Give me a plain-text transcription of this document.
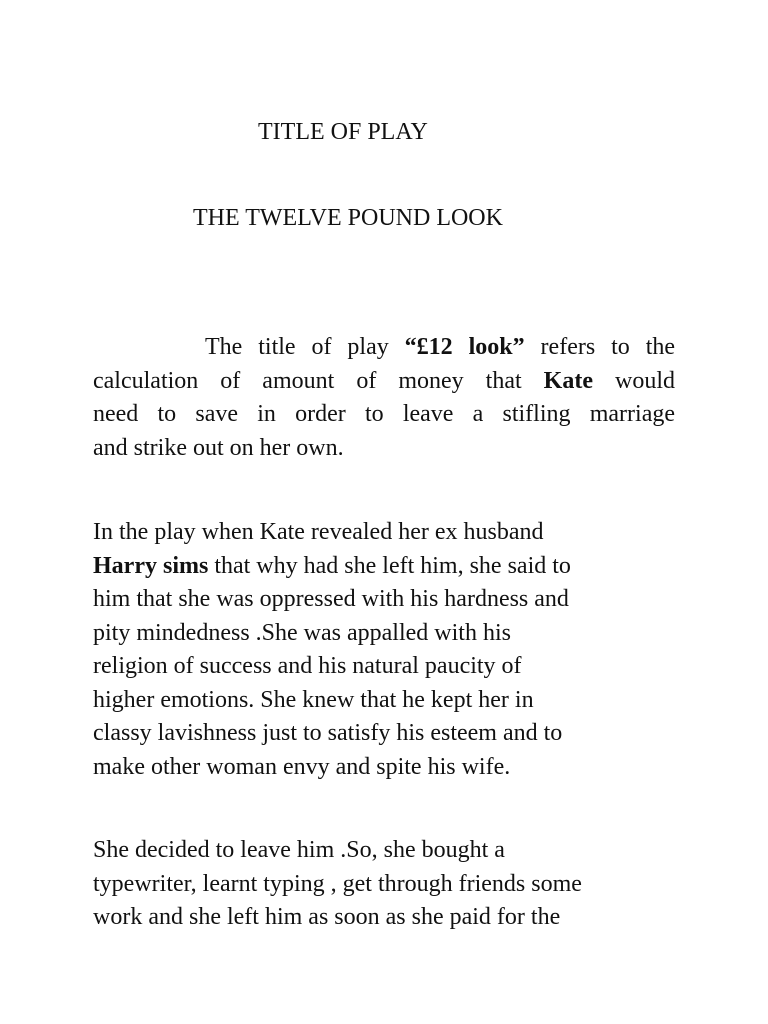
TITLE OF PLAY
THE TWELVE POUND LOOK
The title of play “£12 look” refers to the
calculation of amount of money that Kate would
need to save in order to leave a stifling marriage
and strike out on her own.
In the play when Kate revealed her ex husband
Harry sims that why had she left him, she said to
him that she was oppressed with his hardness and
pity mindedness .She was appalled with his
religion of success and his natural paucity of
higher emotions. She knew that he kept her in
classy lavishness just to satisfy his esteem and to
make other woman envy and spite his wife.
She decided to leave him .So, she bought a
typewriter, learnt typing , get through friends some
work and she left him as soon as she paid for the
